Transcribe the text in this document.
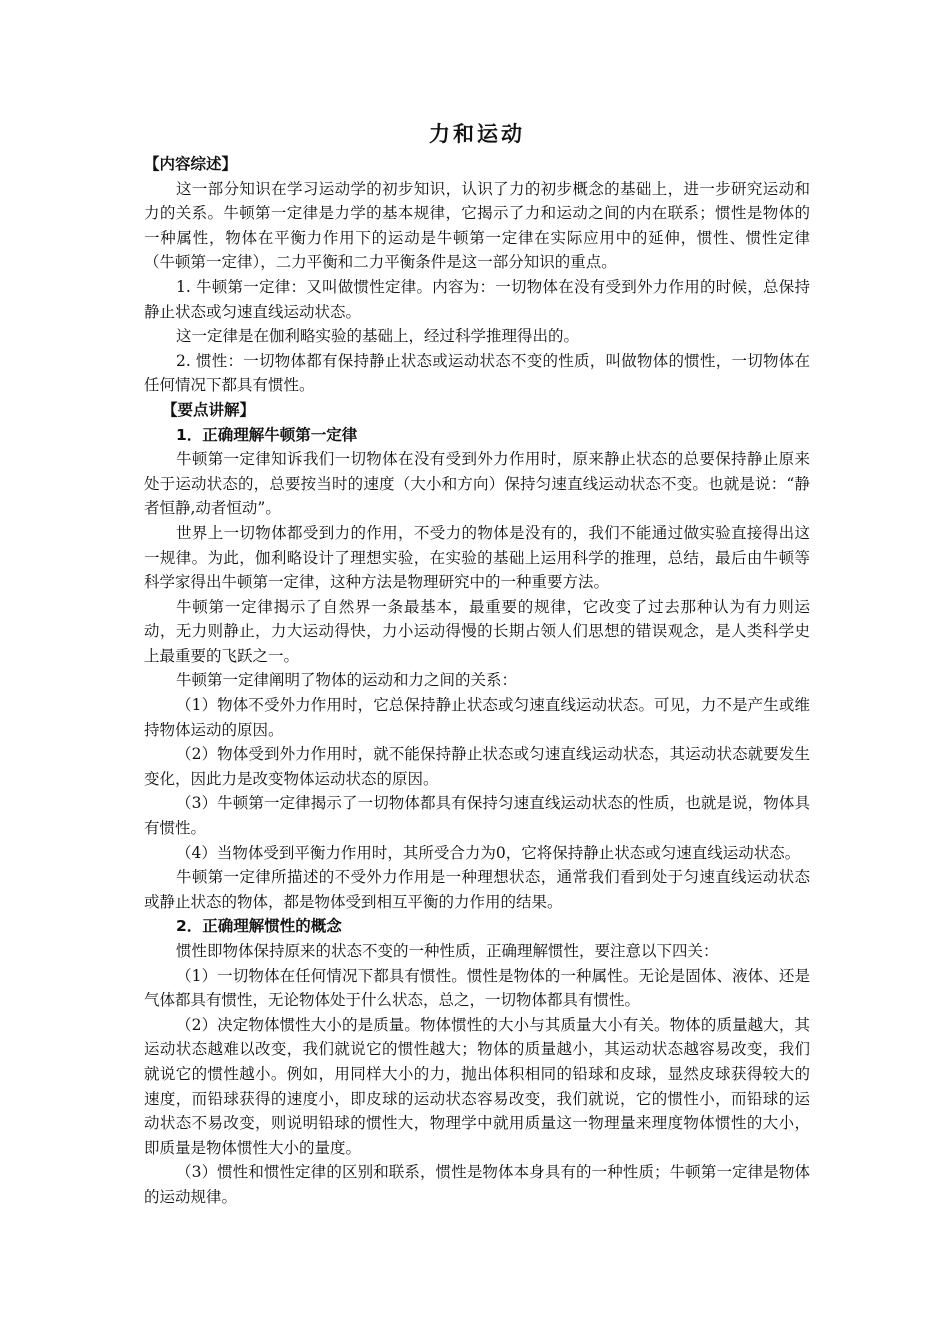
力和运动
【内容综述】

这一部分知识在学习运动学的初步知识，认识了力的初步概念的基础上，进一步研究运动和力的关系。牛顿第一定律是力学的基本规律，它揭示了力和运动之间的内在联系；惯性是物体的一种属性，物体在平衡力作用下的运动是牛顿第一定律在实际应用中的延伸，惯性、惯性定律（牛顿第一定律），二力平衡和二力平衡条件是这一部分知识的重点。

1. 牛顿第一定律：又叫做惯性定律。内容为：一切物体在没有受到外力作用的时候，总保持静止状态或匀速直线运动状态。

这一定律是在伽利略实验的基础上，经过科学推理得出的。

2. 惯性：一切物体都有保持静止状态或运动状态不变的性质，叫做物体的惯性，一切物体在任何情况下都具有惯性。

【要点讲解】
1．正确理解牛顿第一定律

牛顿第一定律知诉我们一切物体在没有受到外力作用时，原来静止状态的总要保持静止原来处于运动状态的，总要按当时的速度（大小和方向）保持匀速直线运动状态不变。也就是说：“静者恒静,动者恒动”。

世界上一切物体都受到力的作用，不受力的物体是没有的，我们不能通过做实验直接得出这一规律。为此，伽利略设计了理想实验，在实验的基础上运用科学的推理，总结，最后由牛顿等科学家得出牛顿第一定律，这种方法是物理研究中的一种重要方法。

牛顿第一定律揭示了自然界一条最基本，最重要的规律，它改变了过去那种认为有力则运动，无力则静止，力大运动得快，力小运动得慢的长期占领人们思想的错误观念，是人类科学史上最重要的飞跃之一。

牛顿第一定律阐明了物体的运动和力之间的关系：

（1）物体不受外力作用时，它总保持静止状态或匀速直线运动状态。可见，力不是产生或维持物体运动的原因。

（2）物体受到外力作用时，就不能保持静止状态或匀速直线运动状态，其运动状态就要发生变化，因此力是改变物体运动状态的原因。

（3）牛顿第一定律揭示了一切物体都具有保持匀速直线运动状态的性质，也就是说，物体具有惯性。

（4）当物体受到平衡力作用时，其所受合力为0，它将保持静止状态或匀速直线运动状态。

牛顿第一定律所描述的不受外力作用是一种理想状态，通常我们看到处于匀速直线运动状态或静止状态的物体，都是物体受到相互平衡的力作用的结果。

2．正确理解惯性的概念

惯性即物体保持原来的状态不变的一种性质，正确理解惯性，要注意以下四关：

（1）一切物体在任何情况下都具有惯性。惯性是物体的一种属性。无论是固体、液体、还是气体都具有惯性，无论物体处于什么状态，总之，一切物体都具有惯性。

（2）决定物体惯性大小的是质量。物体惯性的大小与其质量大小有关。物体的质量越大，其运动状态越难以改变，我们就说它的惯性越大；物体的质量越小，其运动状态越容易改变，我们就说它的惯性越小。例如，用同样大小的力，抛出体积相同的铅球和皮球，显然皮球获得较大的速度，而铅球获得的速度小，即皮球的运动状态容易改变，我们就说，它的惯性小，而铅球的运动状态不易改变，则说明铅球的惯性大，物理学中就用质量这一物理量来理度物体惯性的大小，即质量是物体惯性大小的量度。

（3）惯性和惯性定律的区别和联系，惯性是物体本身具有的一种性质；牛顿第一定律是物体的运动规律。
